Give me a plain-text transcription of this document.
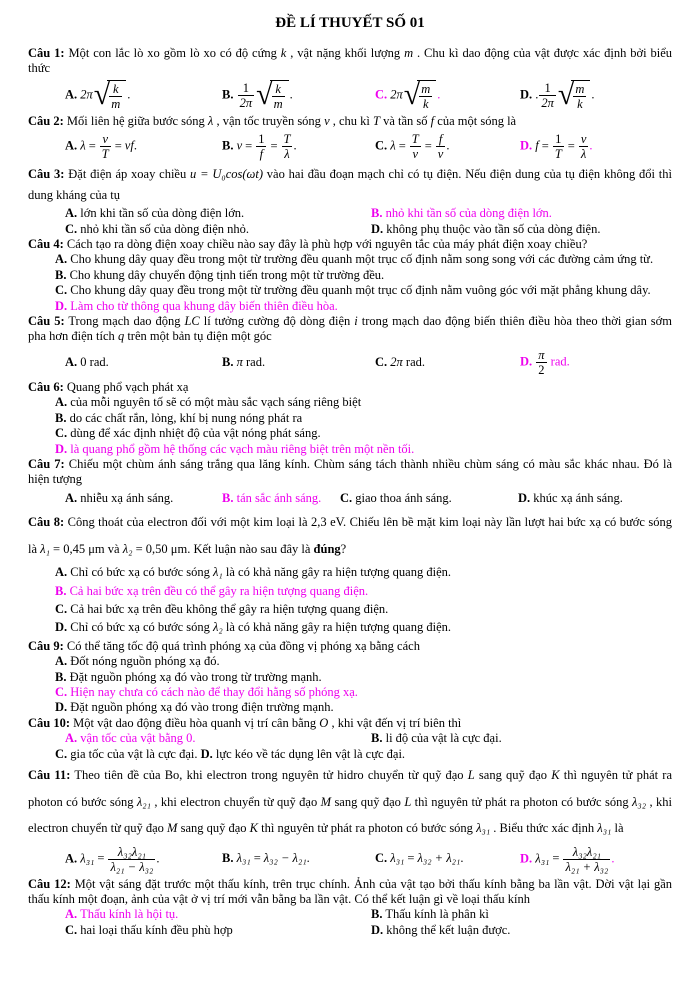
ĐỀ LÍ THUYẾT SỐ 01

Câu 1: Một con lắc lò xo gồm lò xo có độ cứng k , vật nặng khối lượng m . Chu kì dao động của vật được xác định bởi biểu thức

A. 2π √ $\frac{k}{m}$ .	B. $\frac{1}{2\pi}$ √ $\frac{k}{m}$ .	C. 2π √ $\frac{m}{k}$ .	D. . $\frac{1}{2\pi}$ √ $\frac{m}{k}$ .

Câu 2: Mối liên hệ giữa bước sóng λ , vận tốc truyền sóng v , chu kì T và tần số f của một sóng là

A. $\lambda = \frac{v}{T}$ = vf.	B. $v = \frac{1}{f} = \frac{T}{\lambda}$ .	C. $\lambda = \frac{T}{v} = \frac{f}{v}$ .	D. $f = \frac{1}{T} = \frac{v}{\lambda}$ .

Câu 3: Đặt điện áp xoay chiều u = U₀cos(ωt) vào hai đầu đoạn mạch chỉ có tụ điện. Nếu điện dung của tụ điện không đổi thì dung kháng của tụ

A. lớn khi tần số của dòng điện lớn.	B. nhỏ khi tần số của dòng điện lớn.
C. nhỏ khi tần số của dòng điện nhỏ.	D. không phụ thuộc vào tần số của dòng điện.

Câu 4: Cách tạo ra dòng điện xoay chiều nào say đây là phù hợp với nguyên tắc của máy phát điện xoay chiều?

A. Cho khung dây quay đều trong một từ trường đều quanh một trục cố định nằm song song với các đường cảm ứng từ.

B. Cho khung dây chuyển động tịnh tiến trong một từ trường đều.

C. Cho khung dây quay đều trong một từ trường đều quanh một trục cố định nằm vuông góc với mặt phẳng khung dây.

D. Làm cho từ thông qua khung dây biến thiên điều hòa.

Câu 5: Trong mạch dao động LC lí tưởng cường độ dòng điện i trong mạch dao động biến thiên điều hòa theo thời gian sớm pha hơn điện tích q trên một bản tụ điện một góc

A. 0 rad.	B. π rad.	C. 2π rad.	D. $\frac{\pi}{2}$ rad.

Câu 6: Quang phổ vạch phát xạ

A. của mỗi nguyên tố sẽ có một màu sắc vạch sáng riêng biệt

B. do các chất rắn, lỏng, khí bị nung nóng phát ra

C. dùng để xác định nhiệt độ của vật nóng phát sáng.

D. là quang phổ gồm hệ thống các vạch màu riêng biệt trên một nền tối.

Câu 7: Chiếu một chùm ánh sáng trắng qua lăng kính. Chùm sáng tách thành nhiều chùm sáng có màu sắc khác nhau. Đó là hiện tượng

A. nhiễu xạ ánh sáng.	B. tán sắc ánh sáng.	C. giao thoa ánh sáng.	D. khúc xạ ánh sáng.

Câu 8: Công thoát của electron đối với một kim loại là 2,3 eV. Chiếu lên bề mặt kim loại này lần lượt hai bức xạ có bước sóng là λ₁ = 0,45 μm và λ₂ = 0,50 μm. Kết luận nào sau đây là đúng?

A. Chỉ có bức xạ có bước sóng λ₁ là có khả năng gây ra hiện tượng quang điện.

B. Cả hai bức xạ trên đều có thể gây ra hiện tượng quang điện.

C. Cả hai bức xạ trên đều không thể gây ra hiện tượng quang điện.

D. Chỉ có bức xạ có bước sóng λ₂ là có khả năng gây ra hiện tượng quang điện.

Câu 9: Có thể tăng tốc độ quá trình phóng xạ của đồng vị phóng xạ bằng cách

A. Đốt nóng nguồn phóng xạ đó.

B. Đặt nguồn phóng xạ đó vào trong từ trường mạnh.

C. Hiện nay chưa có cách nào để thay đổi hằng số phóng xạ.

D. Đặt nguồn phóng xạ đó vào trong điện trường mạnh.

Câu 10: Một vật dao động điều hòa quanh vị trí cân bằng O , khi vật đến vị trí biên thì

A. vận tốc của vật bằng 0.	B. li độ của vật là cực đại.

C. gia tốc của vật là cực đại. D. lực kéo về tác dụng lên vật là cực đại.

Câu 11: Theo tiên đề của Bo, khi electron trong nguyên tử hidro chuyển từ quỹ đạo L sang quỹ đạo K thì nguyên tử phát ra photon có bước sóng λ₂₁ , khi electron chuyển từ quỹ đạo M sang quỹ đạo L thì nguyên tử phát ra photon có bước sóng λ₃₂ , khi electron chuyển từ quỹ đạo M sang quỹ đạo K thì nguyên tử phát ra photon có bước sóng λ₃₁ . Biểu thức xác định λ₃₁ là

A. $\lambda_{31} = \frac{\text{λ₃₂λ₂₁}}{\text{λ₂₁ − λ₃₂}}$ .	B. λ₃₁ = λ₃₂ − λ₂₁.	C. λ₃₁ = λ₃₂ + λ₂₁.	D. $\lambda_{31} = \frac{\text{λ₃₂λ₂₁}}{\text{λ₂₁ + λ₃₂}}$ .

Câu 12: Một vật sáng đặt trước một thấu kính, trên trục chính. Ảnh của vật tạo bởi thấu kính bằng ba lần vật. Dời vật lại gần thấu kính một đoạn, ảnh của vật ở vị trí mới vẫn bằng ba lần vật. Có thể kết luận gì về loại thấu kính

A. Thấu kính là hội tụ.	B. Thấu kính là phân kì
C. hai loại thấu kính đều phù hợp	D. không thể kết luận được.
